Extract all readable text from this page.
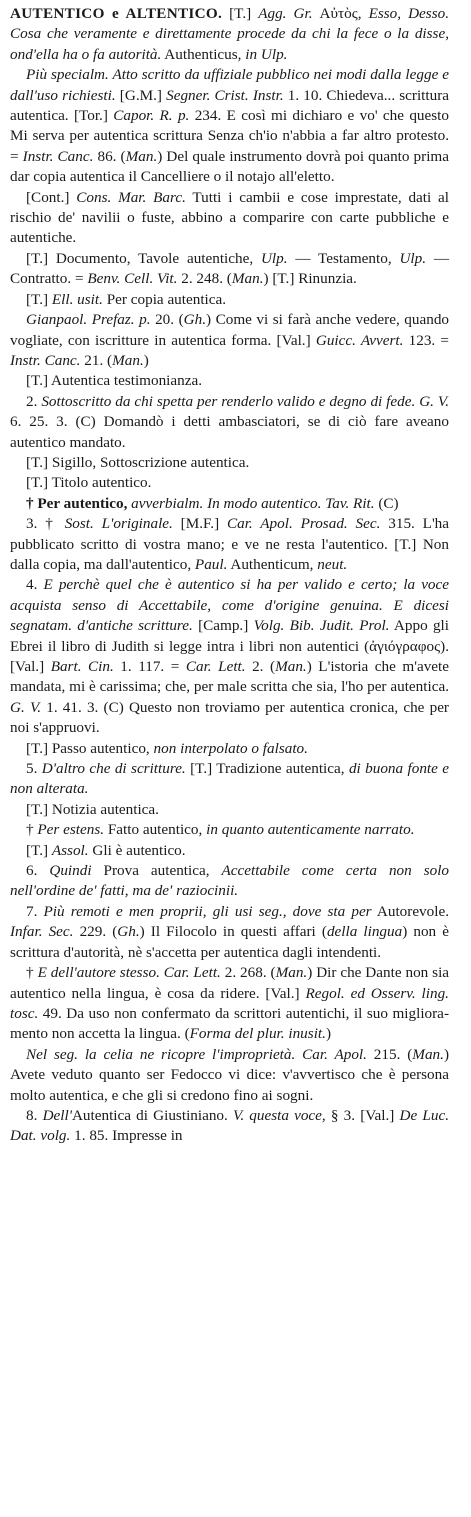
AUTENTICO e ALTENTICO. [T.] Agg. Gr. Αὐτὸς, Esso, Desso. Cosa che veramente e direttamente procede da chi la fece o la disse, ond'ella ha o fa autorità. Authenticus, in Ulp.

Più specialm. Atto scritto da uffiziale pubblico nei modi dalla legge e dall'uso richiesti. [G.M.] Segner. Crist. Instr. 1. 10. Chiedeva... scrittura autentica. [Tor.] Capor. R. p. 234. E così mi dichiaro e vo' che questo Mi serva per autentica scrittura Senza ch'io n'abbia a far altro protesto. = Instr. Canc. 86. (Man.) Del quale instrumento dovrà poi quanto prima dar copia autentica il Cancelliere o il notajo all'eletto.

[Cont.] Cons. Mar. Barc. Tutti i cambii e cose imprestate, dati al rischio de' navilii o fuste, abbino a comparire con carte pubbliche e autentiche.

[T.] Documento, Tavole autentiche, Ulp. — Testamento, Ulp. — Contratto. = Benv. Cell. Vit. 2. 248. (Man.) [T.] Rinunzia.

[T.] Ell. usit. Per copia autentica.

Gianpaol. Prefaz. p. 20. (Gh.) Come vi si farà anche vedere, quando vogliate, con iscritture in autentica forma. [Val.] Guicc. Avvert. 123. = Instr. Canc. 21. (Man.)

[T.] Autentica testimonianza.

2. Sottoscritto da chi spetta per renderlo valido e degno di fede. G. V. 6. 25. 3. (C) Domandò i detti ambasciatori, se di ciò fare aveano autentico mandato.

[T.] Sigillo, Sottoscrizione autentica.

[T.] Titolo autentico.

† Per autentico, avverbialm. In modo autentico. Tav. Rit. (C)

3. † Sost. L'originale. [M.F.] Car. Apol. Prosad. Sec. 315. L'ha pubblicato scritto di vostra mano; e ve ne resta l'autentico. [T.] Non dalla copia, ma dall'autentico, Paul. Authenticum, neut.

4. E perchè quel che è autentico si ha per valido e certo; la voce acquista senso di Accettabile, come d'origine genuina. E dicesi segnatam. d'antiche scritture. [Camp.] Volg. Bib. Judit. Prol. Appo gli Ebrei il libro di Judith si legge intra i libri non autentici (ἀγιόγραφος). [Val.] Bart. Cin. 1. 117. = Car. Lett. 2. (Man.) L'istoria che m'avete mandata, mi è carissima; che, per male scritta che sia, l'ho per autentica. G. V. 1. 41. 3. (C) Questo non troviamo per autentica cronica, che per noi s'appruovi.

[T.] Passo autentico, non interpolato o falsato.

5. D'altro che di scritture. [T.] Tradizione autentica, di buona fonte e non alterata.

[T.] Notizia autentica.

† Per estens. Fatto autentico, in quanto autenticamente narrato.

[T.] Assol. Gli è autentico.

6. Quindi Prova autentica, Accettabile come certa non solo nell'ordine de' fatti, ma de' raziocinii.

7. Più remoti e men proprii, gli usi seg., dove sta per Autorevole. Infar. Sec. 229. (Gh.) Il Filocolo in questi affari (della lingua) non è scrittura d'autorità, nè s'accetta per autentica dagli intendenti.

† E dell'autore stesso. Car. Lett. 2. 268. (Man.) Dir che Dante non sia autentico nella lingua, è cosa da ridere. [Val.] Regol. ed Osserv. ling. tosc. 49. Da uso non confermato da scrittori autentichi, il suo miglioramento non accetta la lingua. (Forma del plur. inusit.)

Nel seg. la celia ne ricopre l'improprietà. Car. Apol. 215. (Man.) Avete veduto quanto ser Fedocco vi dice: v'avvertisco che è persona molto autentica, e che gli si credono fino ai sogni.

8. Dell'Autentica di Giustiniano. V. questa voce, § 3. [Val.] De Luc. Dat. volg. 1. 85. Impresse in
